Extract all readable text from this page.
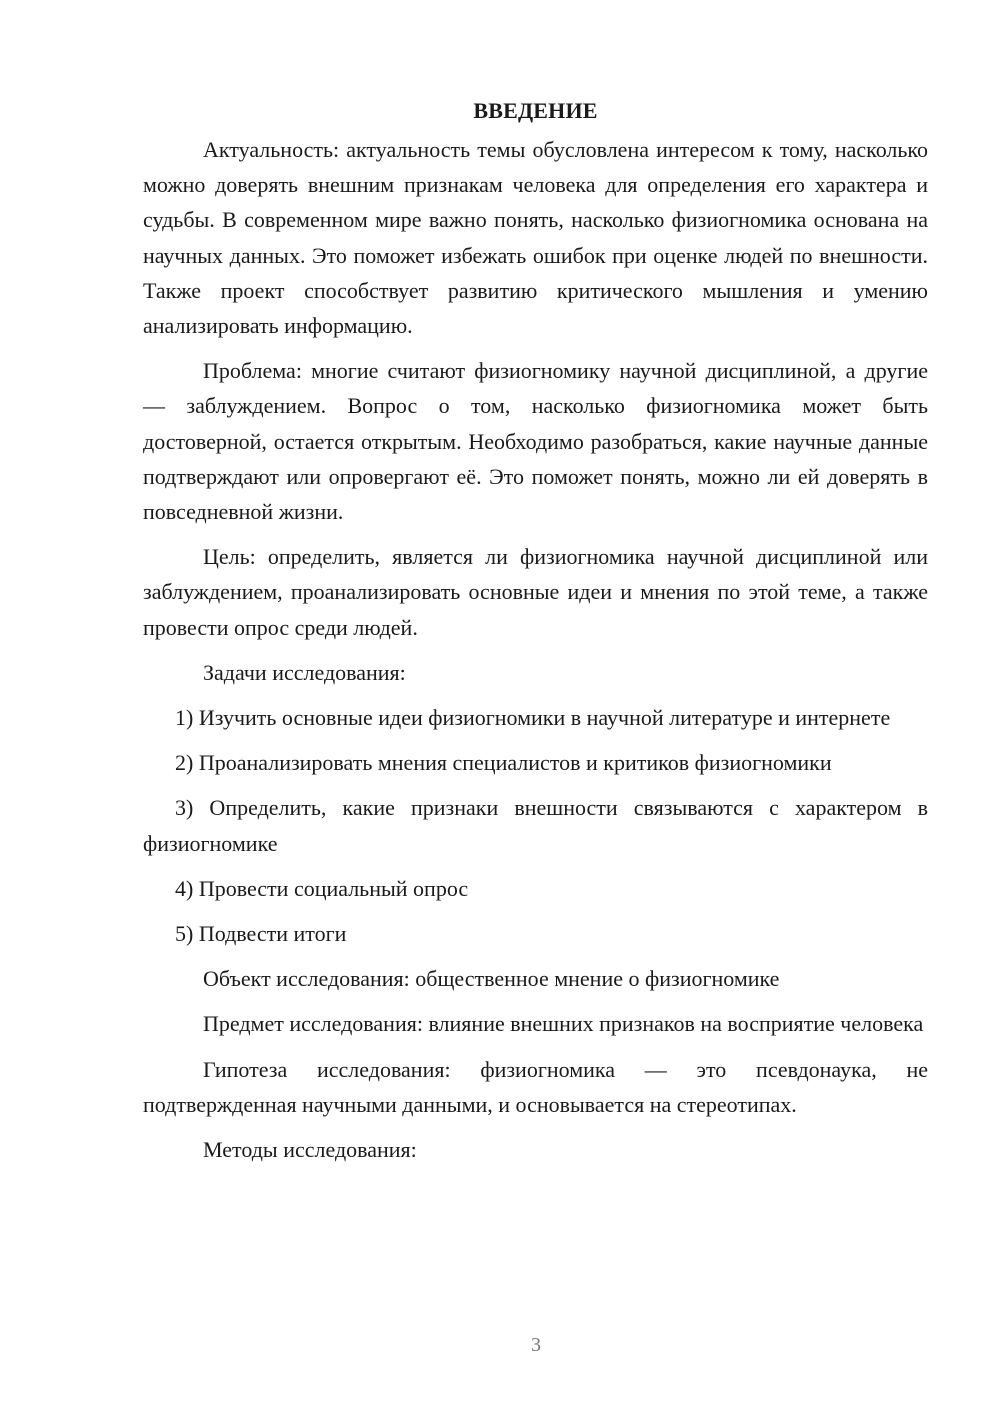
ВВЕДЕНИЕ

Актуальность: актуальность темы обусловлена интересом к тому, насколько можно доверять внешним признакам человека для определения его характера и судьбы. В современном мире важно понять, насколько физиогномика основана на научных данных. Это поможет избежать ошибок при оценке людей по внешности. Также проект способствует развитию критического мышления и умению анализировать информацию.

Проблема: многие считают физиогномику научной дисциплиной, а другие — заблуждением. Вопрос о том, насколько физиогномика может быть достоверной, остается открытым. Необходимо разобраться, какие научные данные подтверждают или опровергают её. Это поможет понять, можно ли ей доверять в повседневной жизни.

Цель: определить, является ли физиогномика научной дисциплиной или заблуждением, проанализировать основные идеи и мнения по этой теме, а также провести опрос среди людей.

Задачи исследования:

1) Изучить основные идеи физиогномики в научной литературе и интернете

2) Проанализировать мнения специалистов и критиков физиогномики

3) Определить, какие признаки внешности связываются с характером в физиогномике

4) Провести социальный опрос

5) Подвести итоги

Объект исследования: общественное мнение о физиогномике

Предмет исследования: влияние внешних признаков на восприятие человека

Гипотеза исследования: физиогномика — это псевдонаука, не подтвержденная научными данными, и основывается на стереотипах.

Методы исследования:

3
